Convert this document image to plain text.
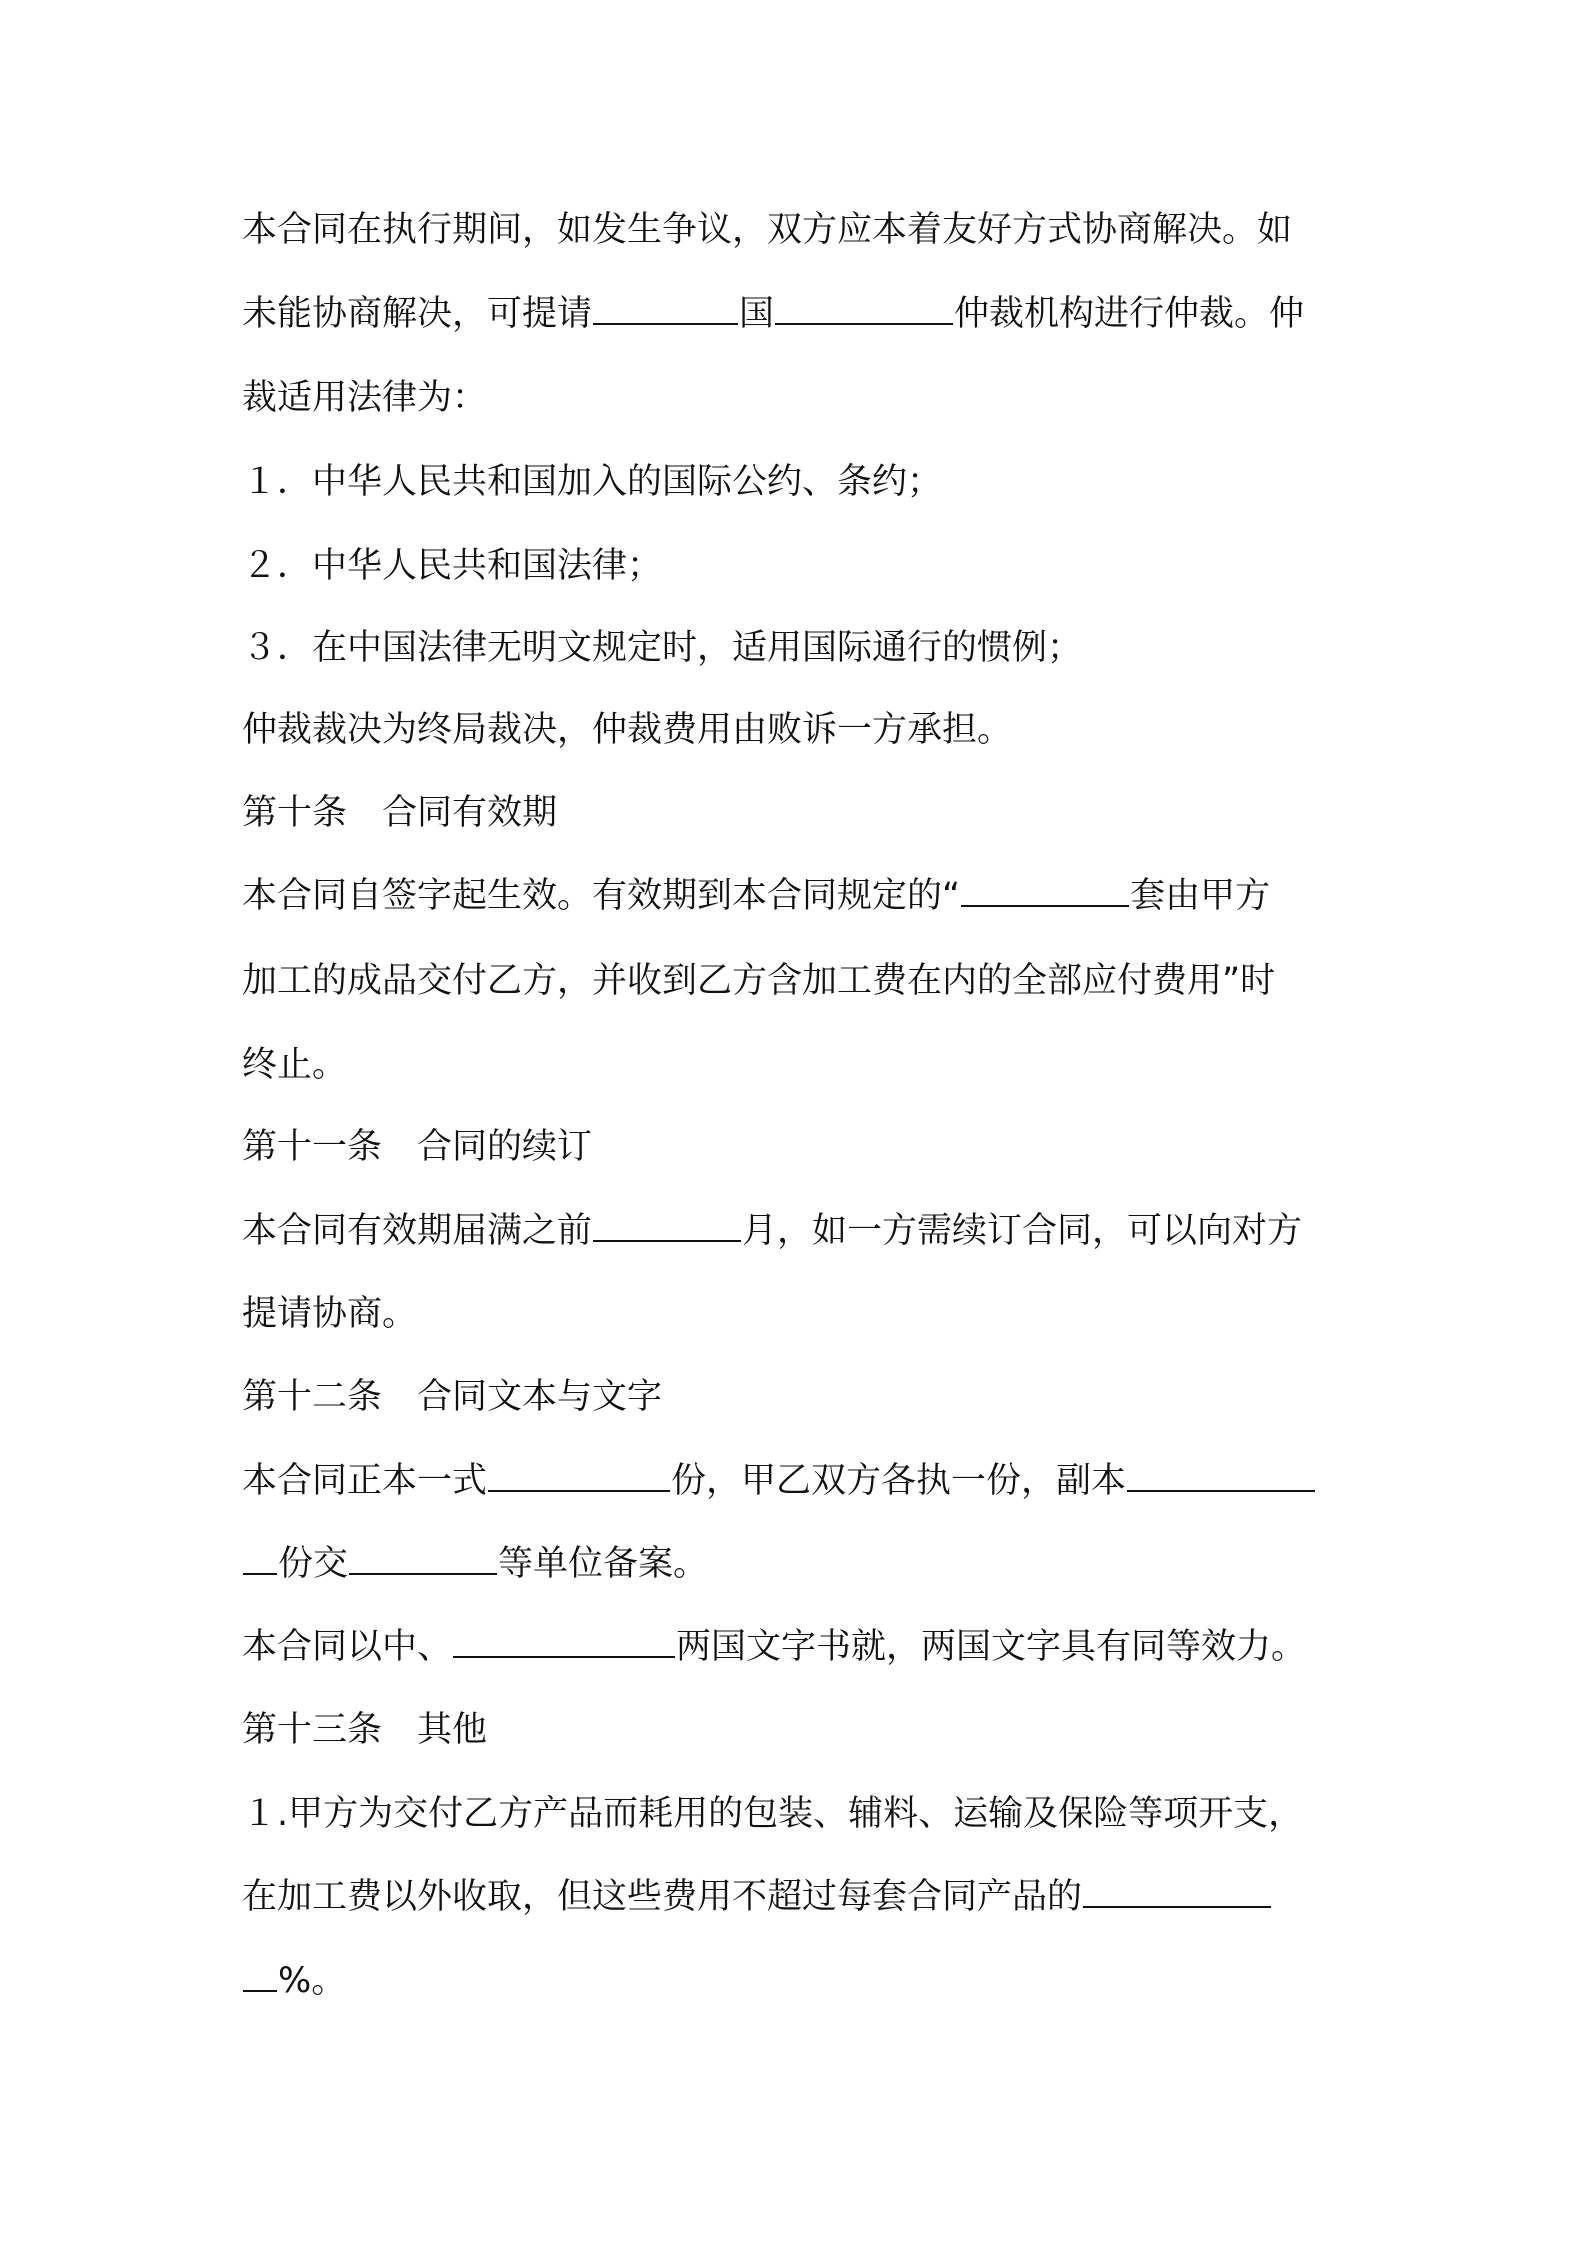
本合同在执行期间，如发生争议，双方应本着友好方式协商解决。如
未能协商解决，可提请	国	仲裁机构进行仲裁。仲
裁适用法律为：
１．中华人民共和国加入的国际公约、条约；
２．中华人民共和国法律；
３．在中国法律无明文规定时，适用国际通行的惯例；
仲裁裁决为终局裁决，仲裁费用由败诉一方承担。
第十条　合同有效期
本合同自签字起生效。有效期到本合同规定的“	套由甲方
加工的成品交付乙方，并收到乙方含加工费在内的全部应付费用”时
终止。
第十一条　合同的续订
本合同有效期届满之前	月，如一方需续订合同，可以向对方
提请协商。
第十二条　合同文本与文字
本合同正本一式	份，甲乙双方各执一份，副本
份交	等单位备案。
本合同以中、	两国文字书就，两国文字具有同等效力。
第十三条　其他
１.甲方为交付乙方产品而耗用的包装、辅料、运输及保险等项开支，
在加工费以外收取，但这些费用不超过每套合同产品的
%。
